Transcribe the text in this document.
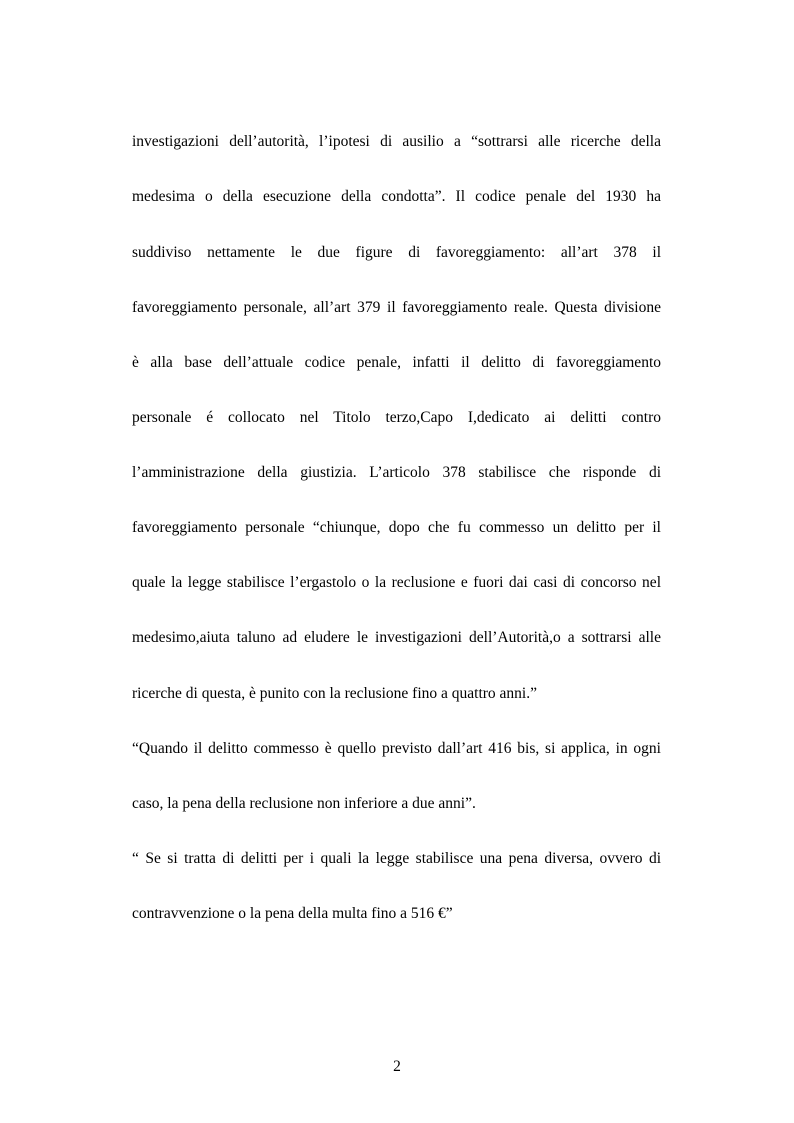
investigazioni dell’autorità, l’ipotesi di ausilio a “sottrarsi alle ricerche della
medesima o della esecuzione della condotta”. Il codice penale del 1930 ha
suddiviso nettamente le due figure di favoreggiamento: all’art 378 il
favoreggiamento personale, all’art 379 il favoreggiamento reale. Questa divisione
è alla base dell’attuale codice penale, infatti il delitto di favoreggiamento
personale é collocato nel Titolo terzo,Capo I,dedicato ai delitti contro
l’amministrazione della giustizia. L’articolo 378 stabilisce che risponde di
favoreggiamento personale “chiunque, dopo che fu commesso un delitto per il
quale la legge stabilisce l’ergastolo o la reclusione e fuori dai casi di concorso nel
medesimo,aiuta taluno ad eludere le investigazioni dell’Autorità,o a sottrarsi alle
ricerche di questa, è punito con la reclusione fino a quattro anni.”
“Quando il delitto commesso è quello previsto dall’art 416 bis, si applica, in ogni
caso, la pena della reclusione non inferiore a due anni”.
“ Se si tratta di delitti per i quali la legge stabilisce una pena diversa, ovvero di
contravvenzione o la pena della multa fino a 516 €”
2
